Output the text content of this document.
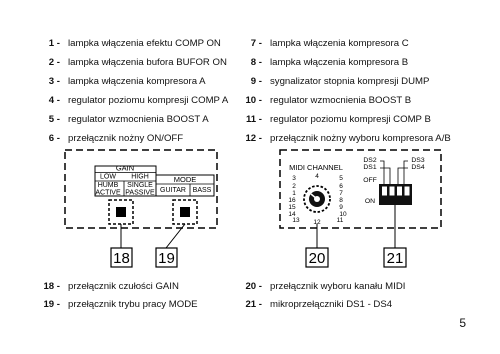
1 - lampka włączenia efektu COMP ON
2 - lampka włączenia bufora BUFOR ON
3 - lampka włączenia kompresora A
4 - regulator poziomu kompresji COMP A
5 - regulator wzmocnienia BOOST A
6 - przełącznik nożny ON/OFF
7 - lampka włączenia kompresora C
8 - lampka włączenia kompresora B
9 - sygnalizator stopnia kompresji DUMP
10 - regulator wzmocnienia BOOST B
11 - regulator poziomu kompresji COMP B
12 - przełącznik nożny wyboru kompresora A/B
GAIN
LOW HIGH
HUMB SINGLE
ACTIVE PASSIVE
MODE
GUITAR BASS
18 19
MIDI CHANNEL
3
2
1
16
15
14
13
5
6
7
8
9
10
11
4
12
DS2
DS1
DS3
DS4
OFF
ON
20	21
18 - przełącznik czułości GAIN
19 - przełącznik trybu pracy MODE
20 - przełącznik wyboru kanału MIDI
21 - mikroprzełączniki DS1 - DS4
5
